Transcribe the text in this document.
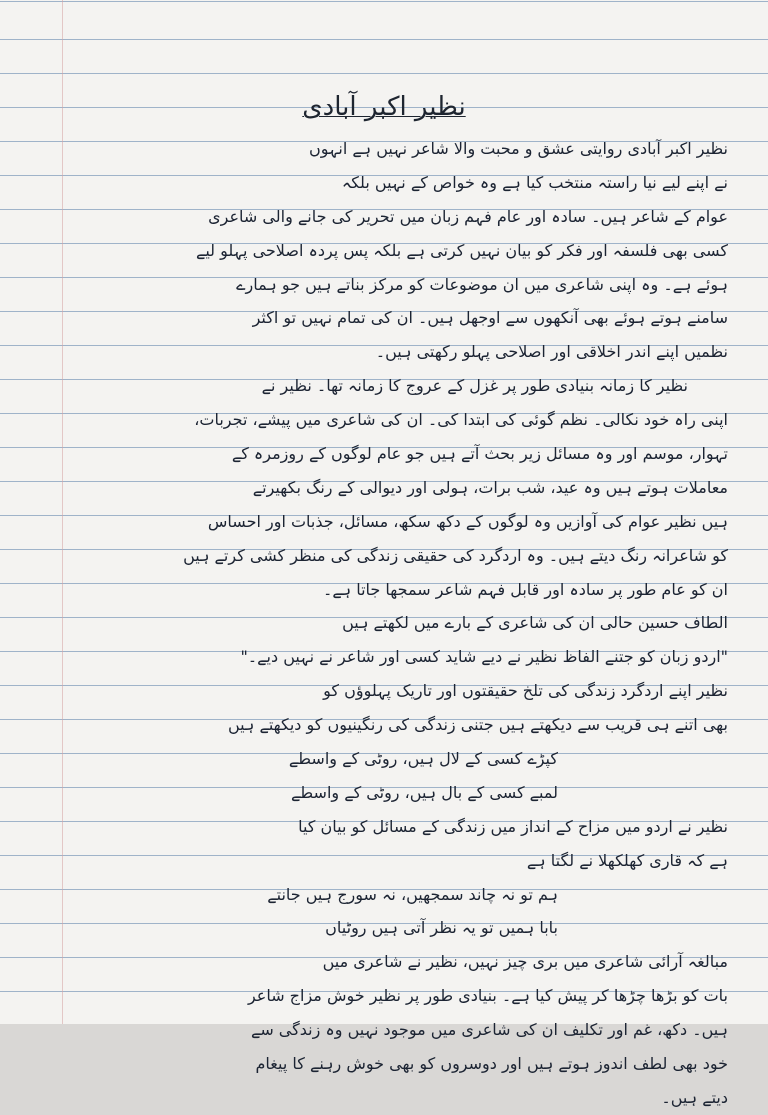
نظیر اکبر آبادی
نظیر اکبر آبادی روایتی عشق و محبت والا شاعر نہیں ہے انہوں
نے اپنے لیے نیا راستہ منتخب کیا ہے وہ خواص کے نہیں بلکہ
عوام کے شاعر ہیں۔ سادہ اور عام فہم زبان میں تحریر کی جانے والی شاعری
کسی بھی فلسفہ اور فکر کو بیان نہیں کرتی ہے بلکہ پس پردہ اصلاحی پہلو لیے
ہوئے ہے۔ وہ اپنی شاعری میں ان موضوعات کو مرکز بناتے ہیں جو ہمارے
سامنے ہوتے ہوئے بھی آنکھوں سے اوجھل ہیں۔ ان کی تمام نہیں تو اکثر
نظمیں اپنے اندر اخلاقی اور اصلاحی پہلو رکھتی ہیں۔
نظیر کا زمانہ بنیادی طور پر غزل کے عروج کا زمانہ تھا۔ نظیر نے
اپنی راہ خود نکالی۔ نظم گوئی کی ابتدا کی۔ ان کی شاعری میں پیشے، تجربات،
تہوار، موسم اور وہ مسائل زیر بحث آتے ہیں جو عام لوگوں کے روزمرہ کے
معاملات ہوتے ہیں وہ عید، شب برات، ہولی اور دیوالی کے رنگ بکھیرتے
ہیں نظیر عوام کی آوازیں وہ لوگوں کے دکھ سکھ، مسائل، جذبات اور احساس
کو شاعرانہ رنگ دیتے ہیں۔ وہ اردگرد کی حقیقی زندگی کی منظر کشی کرتے ہیں
ان کو عام طور پر سادہ اور قابل فہم شاعر سمجھا جاتا ہے۔
الطاف حسین حالی ان کی شاعری کے بارے میں لکھتے ہیں
"اردو زبان کو جتنے الفاظ نظیر نے دیے شاید کسی اور شاعر نے نہیں دیے۔"
نظیر اپنے اردگرد زندگی کی تلخ حقیقتوں اور تاریک پہلوؤں کو
بھی اتنے ہی قریب سے دیکھتے ہیں جتنی زندگی کی رنگینیوں کو دیکھتے ہیں
کپڑے کسی کے لال ہیں، روٹی کے واسطے
لمبے کسی کے بال ہیں، روٹی کے واسطے
نظیر نے اردو میں مزاح کے انداز میں زندگی کے مسائل کو بیان کیا
ہے کہ قاری کھلکھلا نے لگتا ہے
ہم تو نہ چاند سمجھیں، نہ سورج ہیں جانتے
بابا ہمیں تو یہ نظر آتی ہیں روٹیاں
مبالغہ آرائی شاعری میں بری چیز نہیں، نظیر نے شاعری میں
بات کو بڑھا چڑھا کر پیش کیا ہے۔ بنیادی طور پر نظیر خوش مزاج شاعر
ہیں۔ دکھ، غم اور تکلیف ان کی شاعری میں موجود نہیں وہ زندگی سے
خود بھی لطف اندوز ہوتے ہیں اور دوسروں کو بھی خوش رہنے کا پیغام
دیتے ہیں۔
